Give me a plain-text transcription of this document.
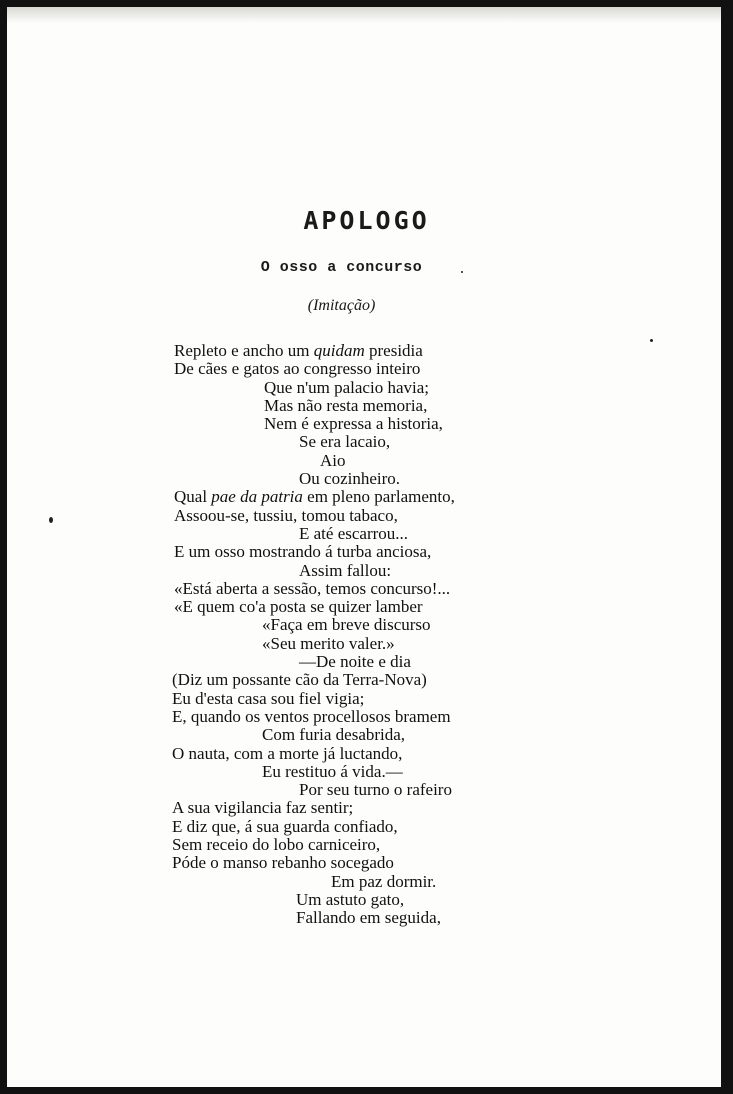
APOLOGO
O osso a concurso
(Imitação)
Repleto e ancho um quidam presidia
De cães e gatos ao congresso inteiro
Que n'um palacio havia;
Mas não resta memoria,
Nem é expressa a historia,
Se era lacaio,
Aio
Ou cozinheiro.
Qual pae da patria em pleno parlamento,
Assoou-se, tussiu, tomou tabaco,
E até escarrou...
E um osso mostrando á turba anciosa,
Assim fallou:
«Está aberta a sessão, temos concurso!...
«E quem co'a posta se quizer lamber
«Faça em breve discurso
«Seu merito valer.»
—De noite e dia
(Diz um possante cão da Terra-Nova)
Eu d'esta casa sou fiel vigia;
E, quando os ventos procellosos bramem
Com furia desabrida,
O nauta, com a morte já luctando,
Eu restituo á vida.—
Por seu turno o rafeiro
A sua vigilancia faz sentir;
E diz que, á sua guarda confiado,
Sem receio do lobo carniceiro,
Póde o manso rebanho socegado
Em paz dormir.
Um astuto gato,
Fallando em seguida,
